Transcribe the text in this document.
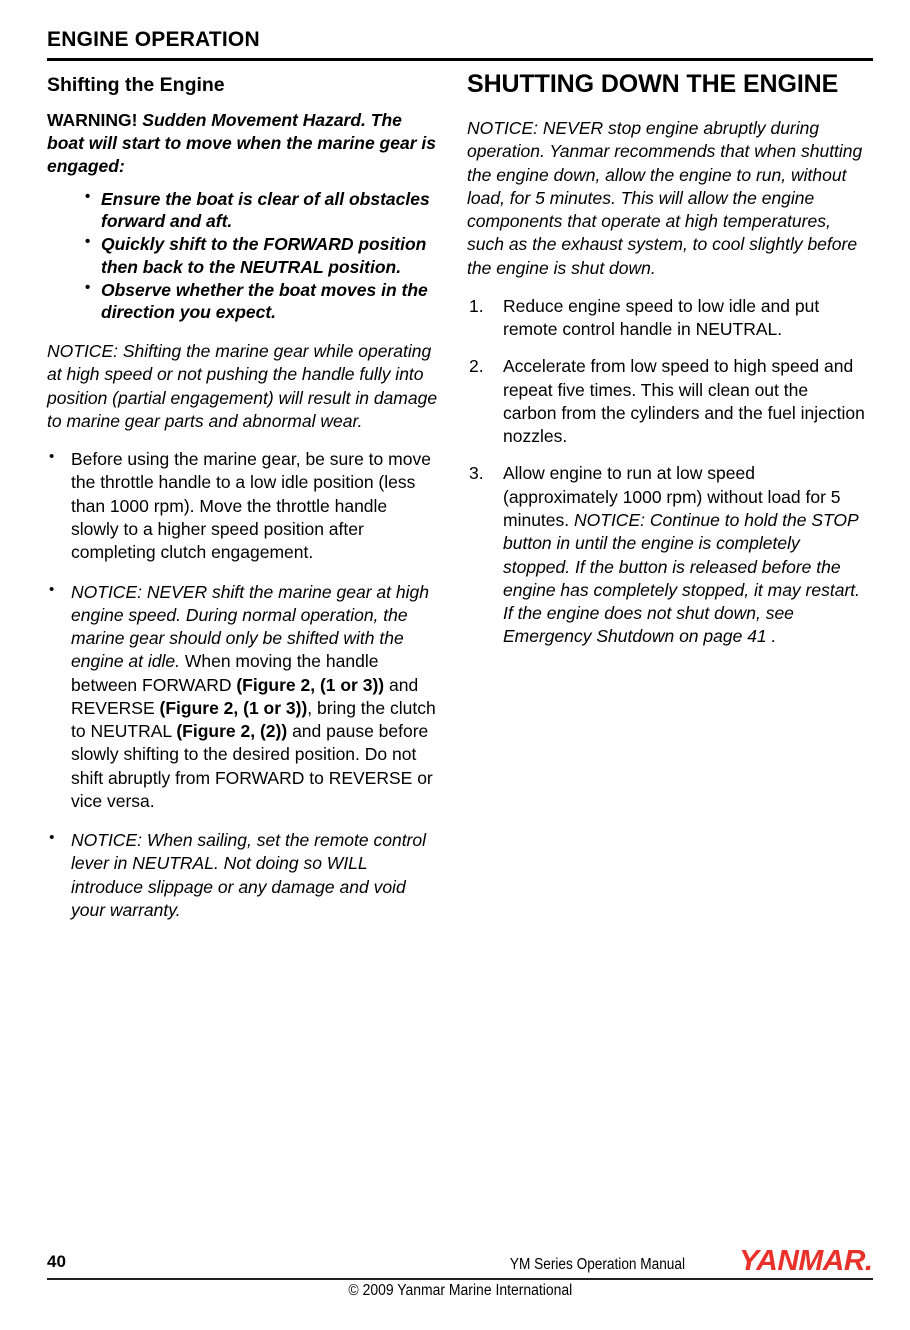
ENGINE OPERATION
Shifting the Engine

WARNING! Sudden Movement Hazard. The boat will start to move when the marine gear is engaged:

• Ensure the boat is clear of all obstacles forward and aft.
• Quickly shift to the FORWARD position then back to the NEUTRAL position.
• Observe whether the boat moves in the direction you expect.

NOTICE: Shifting the marine gear while operating at high speed or not pushing the handle fully into position (partial engagement) will result in damage to marine gear parts and abnormal wear.

• Before using the marine gear, be sure to move the throttle handle to a low idle position (less than 1000 rpm). Move the throttle handle slowly to a higher speed position after completing clutch engagement.
• NOTICE: NEVER shift the marine gear at high engine speed. During normal operation, the marine gear should only be shifted with the engine at idle. When moving the handle between FORWARD (Figure 2, (1 or 3)) and REVERSE (Figure 2, (1 or 3)), bring the clutch to NEUTRAL (Figure 2, (2)) and pause before slowly shifting to the desired position. Do not shift abruptly from FORWARD to REVERSE or vice versa.
• NOTICE: When sailing, set the remote control lever in NEUTRAL. Not doing so WILL introduce slippage or any damage and void your warranty.
SHUTTING DOWN THE ENGINE

NOTICE: NEVER stop engine abruptly during operation. Yanmar recommends that when shutting the engine down, allow the engine to run, without load, for 5 minutes. This will allow the engine components that operate at high temperatures, such as the exhaust system, to cool slightly before the engine is shut down.

Reduce engine speed to low idle and put remote control handle in NEUTRAL.
Accelerate from low speed to high speed and repeat five times. This will clean out the carbon from the cylinders and the fuel injection nozzles.
Allow engine to run at low speed (approximately 1000 rpm) without load for 5 minutes. NOTICE: Continue to hold the STOP button in until the engine is completely stopped. If the button is released before the engine has completely stopped, it may restart. If the engine does not shut down, see Emergency Shutdown on page 41 .
40	YM Series Operation Manual YANMAR.
© 2009 Yanmar Marine International
